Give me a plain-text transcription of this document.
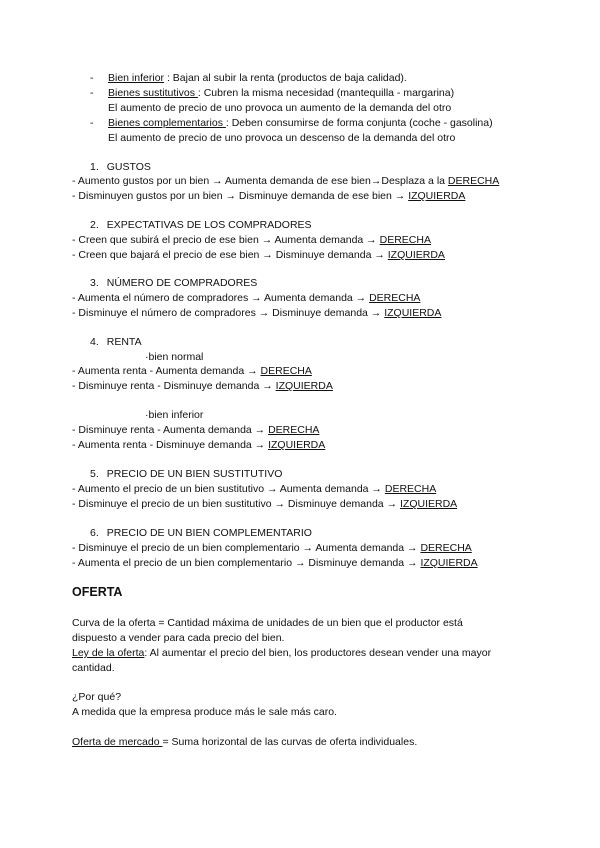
- Bien inferior : Bajan al subir la renta (productos de baja calidad).
- Bienes sustitutivos : Cubren la misma necesidad (mantequilla - margarina)
El aumento de precio de uno provoca un aumento de la demanda del otro
- Bienes complementarios : Deben consumirse de forma conjunta (coche - gasolina)
El aumento de precio de uno provoca un descenso de la demanda del otro
1. GUSTOS
- Aumento gustos por un bien → Aumenta demanda de ese bien→Desplaza a la DERECHA
- Disminuyen gustos por un bien → Disminuye demanda de ese bien → IZQUIERDA
2. EXPECTATIVAS DE LOS COMPRADORES
- Creen que subirá el precio de ese bien → Aumenta demanda → DERECHA
- Creen que bajará el precio de ese bien → Disminuye demanda → IZQUIERDA
3. NÚMERO DE COMPRADORES
- Aumenta el número de compradores → Aumenta demanda → DERECHA
- Disminuye el número de compradores → Disminuye demanda → IZQUIERDA
4. RENTA
·bien normal
- Aumenta renta - Aumenta demanda → DERECHA
- Disminuye renta - Disminuye demanda → IZQUIERDA
·bien inferior
- Disminuye renta - Aumenta demanda → DERECHA
- Aumenta renta - Disminuye demanda → IZQUIERDA
5. PRECIO DE UN BIEN SUSTITUTIVO
- Aumento el precio de un bien sustitutivo → Aumenta demanda → DERECHA
- Disminuye el precio de un bien sustitutivo → Disminuye demanda → IZQUIERDA
6. PRECIO DE UN BIEN COMPLEMENTARIO
- Disminuye el precio de un bien complementario → Aumenta demanda → DERECHA
- Aumenta el precio de un bien complementario → Disminuye demanda → IZQUIERDA
OFERTA
Curva de la oferta = Cantidad máxima de unidades de un bien que el productor está
dispuesto a vender para cada precio del bien.
Ley de la oferta: Al aumentar el precio del bien, los productores desean vender una mayor
cantidad.
¿Por qué?
A medida que la empresa produce más le sale más caro.
Oferta de mercado = Suma horizontal de las curvas de oferta individuales.
